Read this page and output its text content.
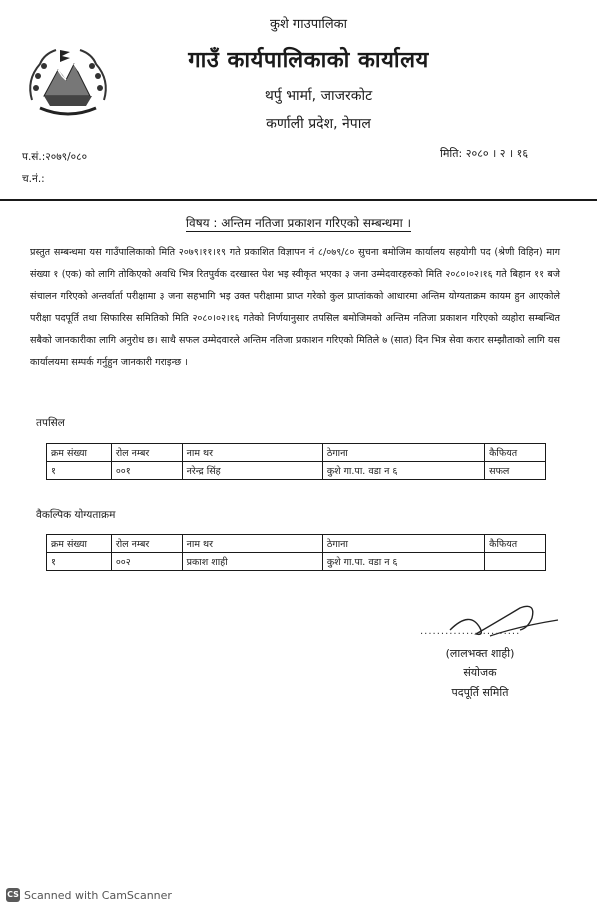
कुशे गाउपालिका
गाउँ कार्यपालिकाको कार्यालय
थर्पु भार्मा, जाजरकोट
कर्णाली प्रदेश, नेपाल
प.सं.:२०७९/०८०
च.नं.:
मिति: २०८० । २ । १६
विषय : अन्तिम नतिजा प्रकाशन गरिएको सम्बन्धमा ।
प्रस्तुत सम्बन्धमा यस गाउँपालिकाको मिति २०७९।११।१९ गते प्रकाशित विज्ञापन नं ८/०७९/८० सुचना बमोजिम कार्यालय सहयोगी पद (श्रेणी विहिन) माग संख्या १ (एक) को लागि तोकिएको अवधि भित्र रितपुर्वक दरखास्त पेश भइ स्वीकृत भएका ३ जना उम्मेदवारहरुको मिति २०८०।०२।१६ गते बिहान ११ बजे संचालन गरिएको अन्तर्वार्ता परीक्षामा ३ जना सहभागि भइ उक्त परीक्षामा प्राप्त गरेको कुल प्राप्तांकको आधारमा अन्तिम योग्यताक्रम कायम हुन आएकोले परीक्षा पदपूर्ति तथा सिफारिस समितिको मिति २०८०।०२।१६ गतेको निर्णयानुसार तपसिल बमोजिमको अन्तिम नतिजा प्रकाशन गरिएको व्यहोरा सम्बन्धित सबैको जानकारीका लागि अनुरोध छ। साथै सफल उम्मेदवारले अन्तिम नतिजा प्रकाशन गरिएको मितिले ७ (सात) दिन भित्र सेवा करार सम्झौताको लागि यस कार्यालयमा सम्पर्क गर्नुहुन जानकारी गराइन्छ ।
तपसिल
क्रम संख्या	रोल नम्बर	नाम थर	ठेगाना	कैफियत
१	००१	नरेन्द्र सिंह	कुशे गा.पा. वडा न ६	सफल
वैकल्पिक योग्यताक्रम
क्रम संख्या	रोल नम्बर	नाम थर	ठेगाना	कैफियत
१	००२	प्रकाश शाही	कुशे गा.पा. वडा न ६	
........................
(लालभक्त शाही)
संयोजक
पदपूर्ति समिति
CS Scanned with CamScanner
